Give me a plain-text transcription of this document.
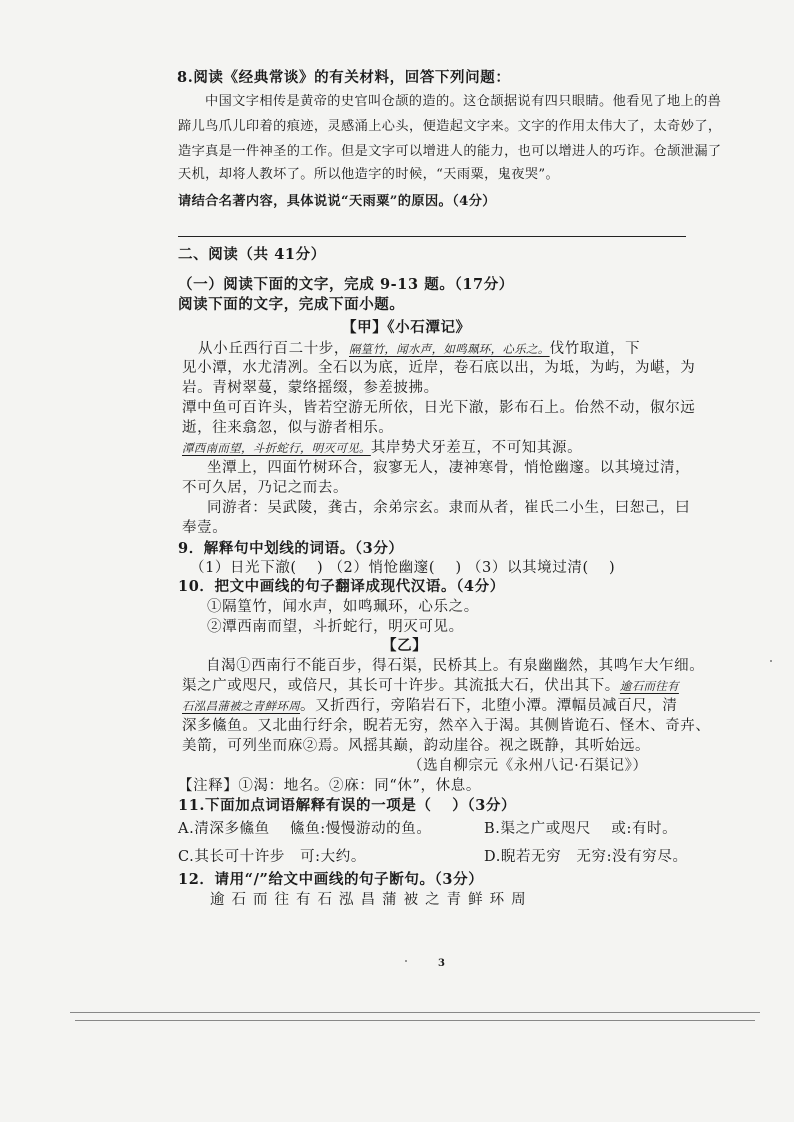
8.阅读《经典常谈》的有关材料，回答下列问题：
中国文字相传是黄帝的史官叫仓颉的造的。这仓颉据说有四只眼睛。他看见了地上的兽
蹄儿鸟爪儿印着的痕迹，灵感涌上心头，便造起文字来。文字的作用太伟大了，太奇妙了，
造字真是一件神圣的工作。但是文字可以增进人的能力，也可以增进人的巧诈。仓颉泄漏了
天机，却将人教坏了。所以他造字的时候，“天雨粟，鬼夜哭”。
请结合名著内容，具体说说“天雨粟”的原因。（4分）
二、阅读（共 41分）
（一）阅读下面的文字，完成 9-13 题。（17分）
阅读下面的文字，完成下面小题。
【甲】《小石潭记》
从小丘西行百二十步，隔篁竹，闻水声，如鸣珮环，心乐之。伐竹取道，下
见小潭，水尤清冽。全石以为底，近岸，卷石底以出，为坻，为屿，为嵁，为
岩。青树翠蔓，蒙络摇缀，参差披拂。
潭中鱼可百许头，皆若空游无所依，日光下澈，影布石上。佁然不动，俶尔远
逝，往来翕忽，似与游者相乐。
潭西南而望，斗折蛇行，明灭可见。其岸势犬牙差互，不可知其源。
坐潭上，四面竹树环合，寂寥无人，凄神寒骨，悄怆幽邃。以其境过清，
不可久居，乃记之而去。
同游者：吴武陵，龚古，余弟宗玄。隶而从者，崔氏二小生，曰恕己，曰
奉壹。
9．解释句中划线的词语。（3分）
（1）日光下澈(　 ) （2）悄怆幽邃(　 ) （3）以其境过清(　 )
10．把文中画线的句子翻译成现代汉语。（4分）
①隔篁竹，闻水声，如鸣珮环，心乐之。
②潭西南而望，斗折蛇行，明灭可见。
【乙】
自渴①西南行不能百步，得石渠，民桥其上。有泉幽幽然，其鸣乍大乍细。
渠之广或咫尺，或倍尺，其长可十许步。其流抵大石，伏出其下。逾石而往有
石泓昌蒲被之青鲜环周。又折西行，旁陷岩石下，北堕小潭。潭幅员减百尺，清
深多鯈鱼。又北曲行纡余，睨若无穷，然卒入于渴。其侧皆诡石、怪木、奇卉、
美箭，可列坐而庥②焉。风摇其巅，韵动崖谷。视之既静，其听始远。
（选自柳宗元《永州八记·石渠记》）
【注释】①渴：地名。②庥：同“休”，休息。
11.下面加点词语解释有误的一项是（　 ）（3分）
A.清深多鯈鱼　 鯈鱼:慢慢游动的鱼。	B.渠之广或咫尺　 或:有时。
C.其长可十许步　可:大约。	D.睨若无穷　无穷:没有穷尽。
12．请用“/”给文中画线的句子断句。（3分）
逾 石 而 往 有 石 泓 昌 蒲 被 之 青 鲜 环 周
3
